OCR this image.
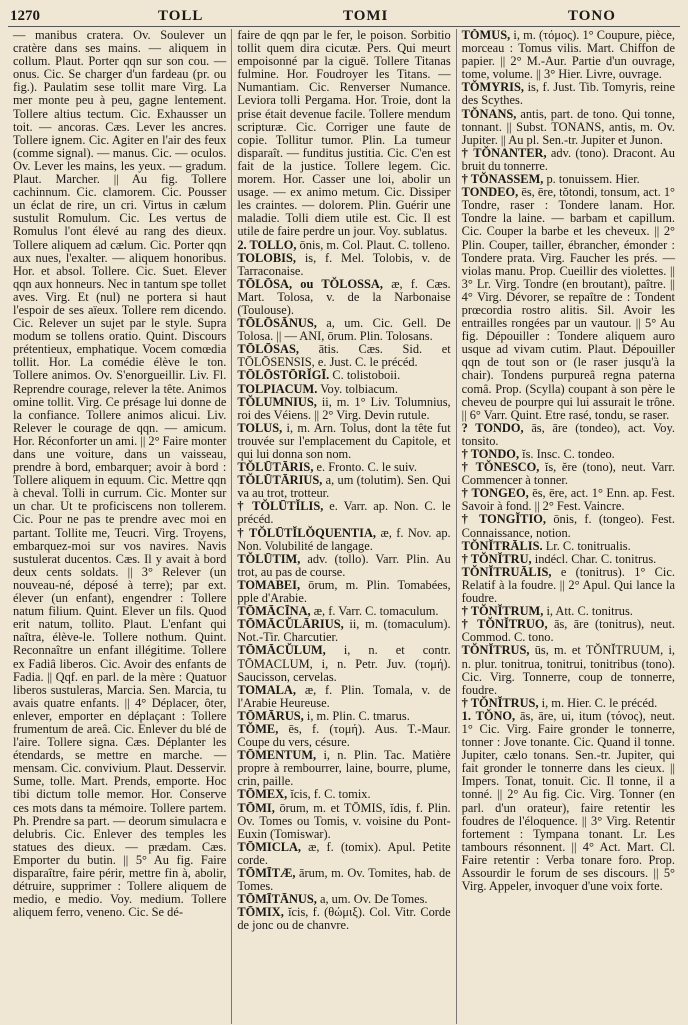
1270	TOLL	TOMI	TONO

— manibus cratera. Ov. Soulever un cratère dans ses mains. — aliquem in collum. Plaut. Porter qqn sur son cou. — onus. Cic. Se charger d'un fardeau (pr. ou fig.). Paulatim sese tollit mare Virg. La mer monte peu à peu, gagne lentement. Tollere altius tectum. Cic. Exhausser un toit. — ancoras. Cæs. Lever les ancres. Tollere ignem. Cic. Agiter en l'air des feux (comme signal). — manus. Cic. — oculos. Ov. Lever les mains, les yeux. — gradum. Plaut. Marcher. || Au fig. Tollere cachinnum. Cic. clamorem. Cic. Pousser un éclat de rire, un cri. Virtus in cælum sustulit Romulum. Cic. Les vertus de Romulus l'ont élevé au rang des dieux. Tollere aliquem ad cælum. Cic. Porter qqn aux nues, l'exalter. — aliquem honoribus. Hor. et absol. Tollere. Cic. Suet. Elever qqn aux honneurs. Nec in tantum spe tollet aves. Virg. Et (nul) ne portera si haut l'espoir de ses aïeux. Tollere rem dicendo. Cic. Relever un sujet par le style. Supra modum se tollens oratio. Quint. Discours prétentieux, emphatique. Vocem comœdia tollit. Hor. La comédie élève le ton. Tollere animos. Ov. S'enorgueillir. Liv. Fl. Reprendre courage, relever la tête. Animos omine tollit. Virg. Ce présage lui donne de la confiance. Tollere animos alicui. Liv. Relever le courage de qqn. — amicum. Hor. Réconforter un ami. || 2° Faire monter dans une voiture, dans un vaisseau, prendre à bord, embarquer; avoir à bord : Tollere aliquem in equum. Cic. Mettre qqn à cheval. Tolli in currum. Cic. Monter sur un char. Ut te proficiscens non tollerem. Cic. Pour ne pas te prendre avec moi en partant. Tollite me, Teucri. Virg. Troyens, embarquez-moi sur vos navires. Navis sustulerat ducentos. Cæs. Il y avait à bord deux cents soldats. || 3° Relever (un nouveau-né, déposé à terre); par ext. élever (un enfant), engendrer : Tollere natum filium. Quint. Elever un fils. Quod erit natum, tollito. Plaut. L'enfant qui naîtra, élève-le. Tollere nothum. Quint. Reconnaître un enfant illégitime. Tollere ex Fadiâ liberos. Cic. Avoir des enfants de Fadia. || Qqf. en parl. de la mère : Quatuor liberos sustuleras, Marcia. Sen. Marcia, tu avais quatre enfants. || 4° Déplacer, ôter, enlever, emporter en déplaçant : Tollere frumentum de areâ. Cic. Enlever du blé de l'aire. Tollere signa. Cæs. Déplanter les étendards, se mettre en marche. — mensam. Cic. convivium. Plaut. Desservir. Sume, tolle. Mart. Prends, emporte. Hoc tibi dictum tolle memor. Hor. Conserve ces mots dans ta mémoire. Tollere partem. Ph. Prendre sa part. — deorum simulacra e delubris. Cic. Enlever des temples les statues des dieux. — prædam. Cæs. Emporter du butin. || 5° Au fig. Faire disparaître, faire périr, mettre fin à, abolir, détruire, supprimer : Tollere aliquem de medio, e medio. Voy. medium. Tollere aliquem ferro, veneno. Cic. Se dé-

faire de qqn par le fer, le poison. Sorbitio tollit quem dira cicutæ. Pers. Qui meurt empoisonné par la ciguë. Tollere Titanas fulmine. Hor. Foudroyer les Titans. — Numantiam. Cic. Renverser Numance. Leviora tolli Pergama. Hor. Troie, dont la prise était devenue facile. Tollere mendum scripturæ. Cic. Corriger une faute de copie. Tollitur tumor. Plin. La tumeur disparaît. — funditus justitia. Cic. C'en est fait de la justice. Tollere legem. Cic. morem. Hor. Casser une loi, abolir un usage. — ex animo metum. Cic. Dissiper les craintes. — dolorem. Plin. Guérir une maladie. Tolli diem utile est. Cic. Il est utile de faire perdre un jour. Voy. sublatus.

2. TOLLO, ōnis, m. Col. Plaut. C. tolleno.

TOLOBIS, is, f. Mel. Tolobis, v. de Tarraconaise.

TŌLŌSA, ou TŎLOSSA, æ, f. Cæs. Mart. Tolosa, v. de la Narbonaise (Toulouse).

TŌLŌSĀNUS, a, um. Cic. Gell. De Tolosa. || — ANI, ōrum. Plin. Tolosans.

TŌLŌSAS, ātis. Cæs. Sid. et TŌLŌSENSIS, e. Just. C. le précéd.

TŌLŌSTŌRĬGĪ. C. tolistoboii.

TOLPIACUM. Voy. tolbiacum.

TŎLUMNIUS, ii, m. 1° Liv. Tolumnius, roi des Véiens. || 2° Virg. Devin rutule.

TOLUS, i, m. Arn. Tolus, dont la tête fut trouvée sur l'emplacement du Capitole, et qui lui donna son nom.

TŎLŪTĀRIS, e. Fronto. C. le suiv.

TŎLŪTĀRIUS, a, um (tolutim). Sen. Qui va au trot, trotteur.

† TŎLŪTĬLIS, e. Varr. ap. Non. C. le précéd.

† TŎLŪTĬLŎQUENTIA, æ, f. Nov. ap. Non. Volubilité de langage.

TŎLŪTIM, adv. (tollo). Varr. Plin. Au trot, au pas de course.

TOMABEI, ōrum, m. Plin. Tomabées, pple d'Arabie.

TŌMĀCĪNA, æ, f. Varr. C. tomaculum.

TŌMĀCŬLĀRIUS, ii, m. (tomaculum). Not.-Tir. Charcutier.

TŌMĀCŬLUM, i, n. et contr. TŌMACLUM, i, n. Petr. Juv. (τομή). Saucisson, cervelas.

TOMALA, æ, f. Plin. Tomala, v. de l'Arabie Heureuse.

TŌMĀRUS, i, m. Plin. C. tmarus.

TŎME, ēs, f. (τομή). Aus. T.-Maur. Coupe du vers, césure.

TŌMENTUM, i, n. Plin. Tac. Matière propre à rembourrer, laine, bourre, plume, crin, paille.

TŌMEX, ĭcis, f. C. tomix.

TŌMI, ōrum, m. et TŌMIS, ĭdis, f. Plin. Ov. Tomes ou Tomis, v. voisine du Pont-Euxin (Tomiswar).

TŌMICLA, æ, f. (tomix). Apul. Petite corde.

TŌMĪTÆ, ārum, m. Ov. Tomites, hab. de Tomes.

TŌMĪTĀNUS, a, um. Ov. De Tomes.

TŌMIX, ĭcis, f. (θώμιξ). Col. Vitr. Corde de jonc ou de chanvre.

TŎMUS, i, m. (τόμος). 1° Coupure, pièce, morceau : Tomus vilis. Mart. Chiffon de papier. || 2° M.-Aur. Partie d'un ouvrage, tome, volume. || 3° Hier. Livre, ouvrage.

TŎMYRIS, is, f. Just. Tib. Tomyris, reine des Scythes.

TŎNANS, antis, part. de tono. Qui tonne, tonnant. || Subst. TONANS, antis, m. Ov. Jupiter. || Au pl. Sen.-tr. Jupiter et Junon.

† TŎNANTER, adv. (tono). Dracont. Au bruit du tonnerre.

† TŎNASSEM, p. tonuissem. Hier.

TONDEO, ēs, ēre, tŏtondi, tonsum, act. 1° Tondre, raser : Tondere lanam. Hor. Tondre la laine. — barbam et capillum. Cic. Couper la barbe et les cheveux. || 2° Plin. Couper, tailler, ébrancher, émonder : Tondere prata. Virg. Faucher les prés. — violas manu. Prop. Cueillir des violettes. || 3° Lr. Virg. Tondre (en broutant), paître. || 4° Virg. Dévorer, se repaître de : Tondent prœcordia rostro alitis. Sil. Avoir les entrailles rongées par un vautour. || 5° Au fig. Dépouiller : Tondere aliquem auro usque ad vivam cutim. Plaut. Dépouiller qqn de tout son or (le raser jusqu'à la chair). Tondens purpureâ regna paterna comâ. Prop. (Scylla) coupant à son père le cheveu de pourpre qui lui assurait le trône. || 6° Varr. Quint. Etre rasé, tondu, se raser.

? TONDO, ās, āre (tondeo), act. Voy. tonsito.

† TONDO, ĭs. Insc. C. tondeo.

† TŎNESCO, ĭs, ĕre (tono), neut. Varr. Commencer à tonner.

† TONGEO, ēs, ēre, act. 1° Enn. ap. Fest. Savoir à fond. || 2° Fest. Vaincre.

† TONGĬTIO, ōnis, f. (tongeo). Fest. Connaissance, notion.

TŎNĬTRĀLIS. Lr. C. tonitrualis.

† TŎNĬTRU, indécl. Char. C. tonitrus.

TŎNĬTRUĀLIS, e (tonitrus). 1° Cic. Relatif à la foudre. || 2° Apul. Qui lance la foudre.

† TŎNĬTRUM, i, Att. C. tonitrus.

† TŎNĬTRUO, ās, āre (tonitrus), neut. Commod. C. tono.

TŎNĬTRUS, ūs, m. et TŎNĬTRUUM, i, n. plur. tonitrua, tonitrui, tonitribus (tono). Cic. Virg. Tonnerre, coup de tonnerre, foudre.

† TŎNĬTRUS, i, m. Hier. C. le précéd.

1. TŎNO, ās, āre, ui, itum (τόνος), neut. 1° Cic. Virg. Faire gronder le tonnerre, tonner : Jove tonante. Cic. Quand il tonne. Jupiter, cælo tonans. Sen.-tr. Jupiter, qui fait gronder le tonnerre dans les cieux. || Impers. Tonat, tonuit. Cic. Il tonne, il a tonné. || 2° Au fig. Cic. Virg. Tonner (en parl. d'un orateur), faire retentir les foudres de l'éloquence. || 3° Virg. Retentir fortement : Tympana tonant. Lr. Les tambours résonnent. || 4° Act. Mart. Cl. Faire retentir : Verba tonare foro. Prop. Assourdir le forum de ses discours. || 5° Virg. Appeler, invoquer d'une voix forte.
